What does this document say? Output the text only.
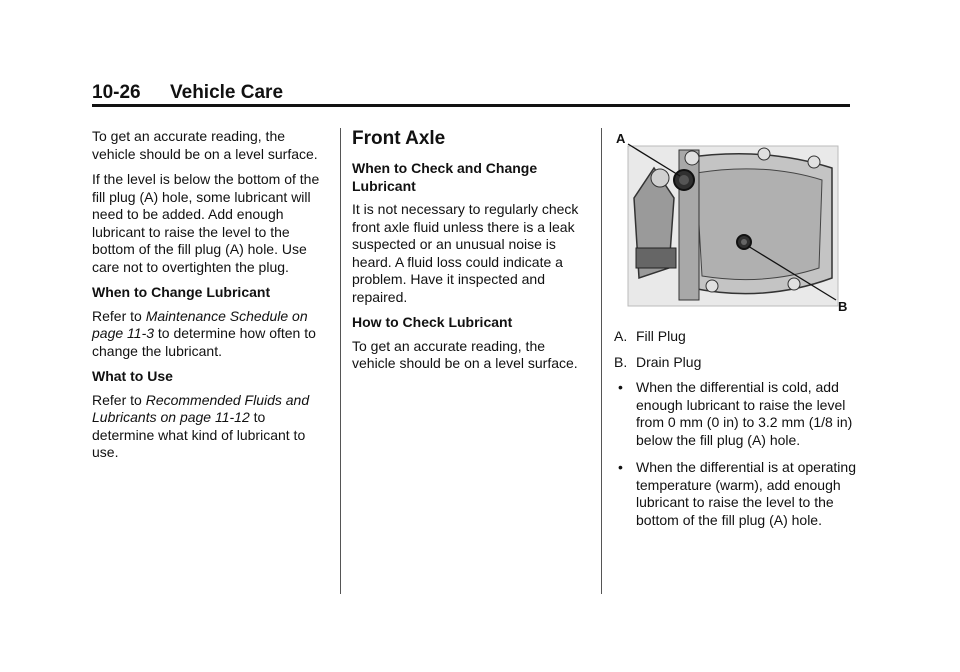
10-26 Vehicle Care

To get an accurate reading, the vehicle should be on a level surface.

If the level is below the bottom of the fill plug (A) hole, some lubricant will need to be added. Add enough lubricant to raise the level to the bottom of the fill plug (A) hole. Use care not to overtighten the plug.

When to Change Lubricant

Refer to Maintenance Schedule on page 11-3 to determine how often to change the lubricant.

What to Use

Refer to Recommended Fluids and Lubricants on page 11-12 to determine what kind of lubricant to use.

Front Axle

When to Check and Change Lubricant

It is not necessary to regularly check front axle fluid unless there is a leak suspected or an unusual noise is heard. A fluid loss could indicate a problem. Have it inspected and repaired.

How to Check Lubricant

To get an accurate reading, the vehicle should be on a level surface.

A
B
A. Fill Plug
B. Drain Plug
• When the differential is cold, add enough lubricant to raise the level from 0 mm (0 in) to 3.2 mm (1/8 in) below the fill plug (A) hole.
• When the differential is at operating temperature (warm), add enough lubricant to raise the level to the bottom of the fill plug (A) hole.
